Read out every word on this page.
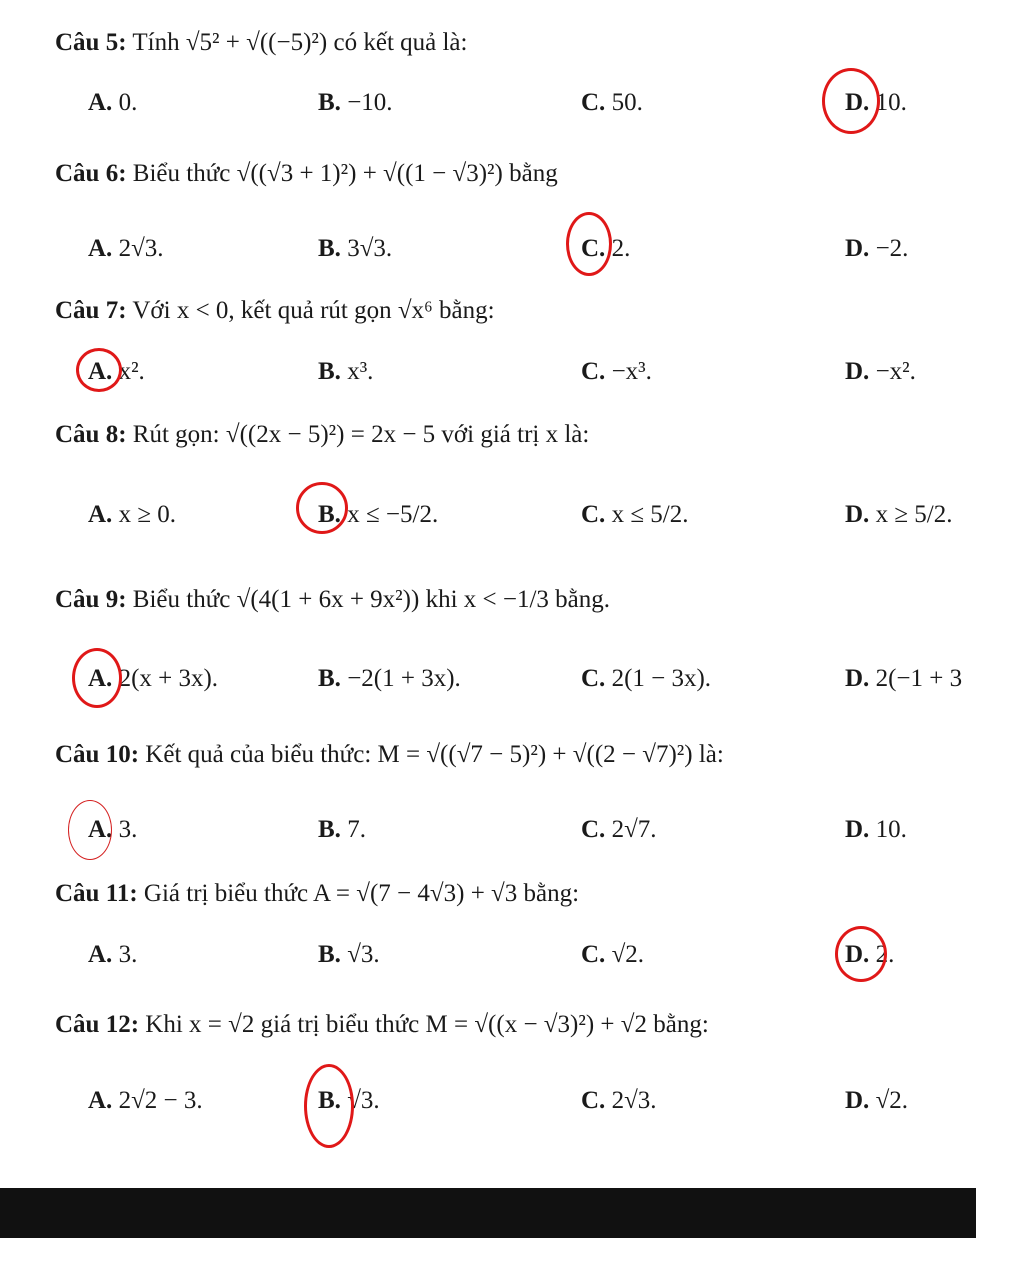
Câu 5: Tính √5² + √((−5)²) có kết quả là:
A. 0.	B. −10.	C. 50.	D. 10.
Câu 6: Biểu thức √((√3 + 1)²) + √((1 − √3)²) bằng
A. 2√3.	B. 3√3.	C. 2.	D. −2.
Câu 7: Với x < 0, kết quả rút gọn √x⁶ bằng:
A. x².	B. x³.	C. −x³.	D. −x².
Câu 8: Rút gọn: √((2x − 5)²) = 2x − 5 với giá trị x là:
A. x ≥ 0.	B. x ≤ −5/2.	C. x ≤ 5/2.	D. x ≥ 5/2.
Câu 9: Biểu thức √(4(1 + 6x + 9x²)) khi x < −1/3 bằng.
A. 2(x + 3x).	B. −2(1 + 3x).	C. 2(1 − 3x).	D. 2(−1 + 3
Câu 10: Kết quả của biểu thức: M = √((√7 − 5)²) + √((2 − √7)²) là:
A. 3.	B. 7.	C. 2√7.	D. 10.
Câu 11: Giá trị biểu thức A = √(7 − 4√3) + √3 bằng:
A. 3.	B. √3.	C. √2.	D. 2.
Câu 12: Khi x = √2 giá trị biểu thức M = √((x − √3)²) + √2 bằng:
A. 2√2 − 3.	B. √3.	C. 2√3.	D. √2.
